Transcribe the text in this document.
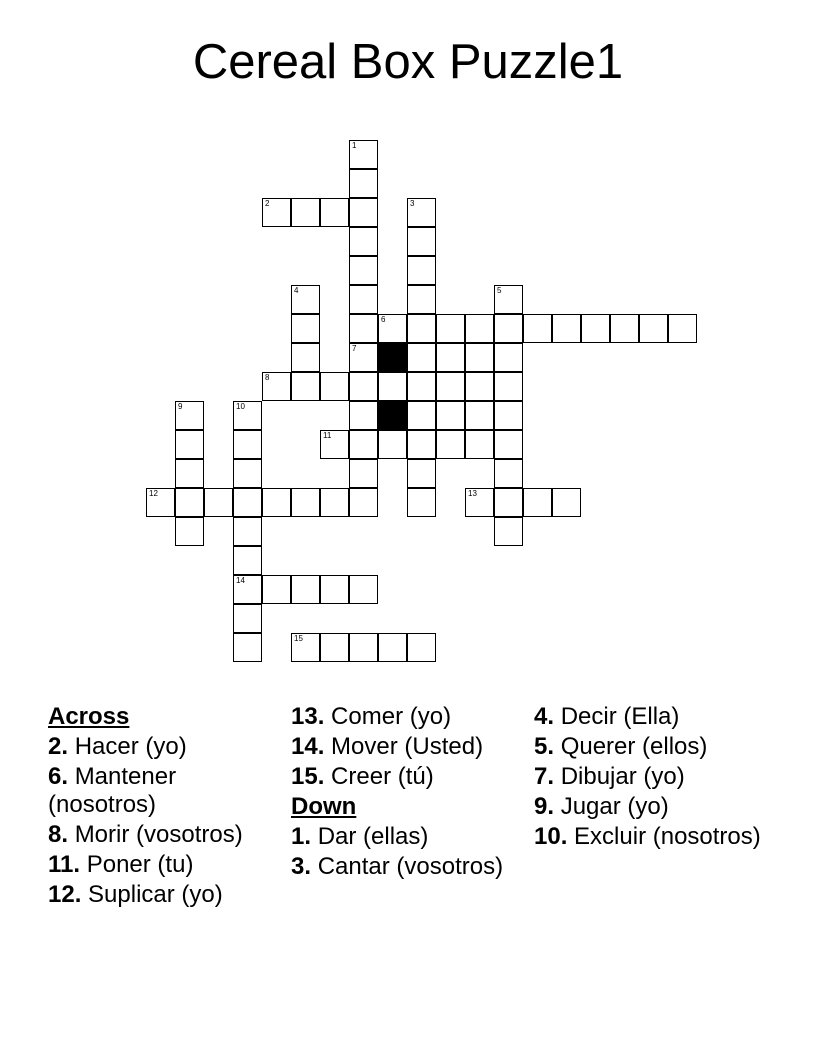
Cereal Box Puzzle1
1
2	3
4	5
6
7
8
9	10
14
11
12	13
15
Across
2. Hacer (yo)
6. Mantener (nosotros)
8. Morir (vosotros)
11. Poner (tu)
12. Suplicar (yo)
13. Comer (yo)
14. Mover (Usted)
15. Creer (tú)
Down
1. Dar (ellas)
3. Cantar (vosotros)
4. Decir (Ella)
5. Querer (ellos)
7. Dibujar (yo)
9. Jugar (yo)
10. Excluir (nosotros)
